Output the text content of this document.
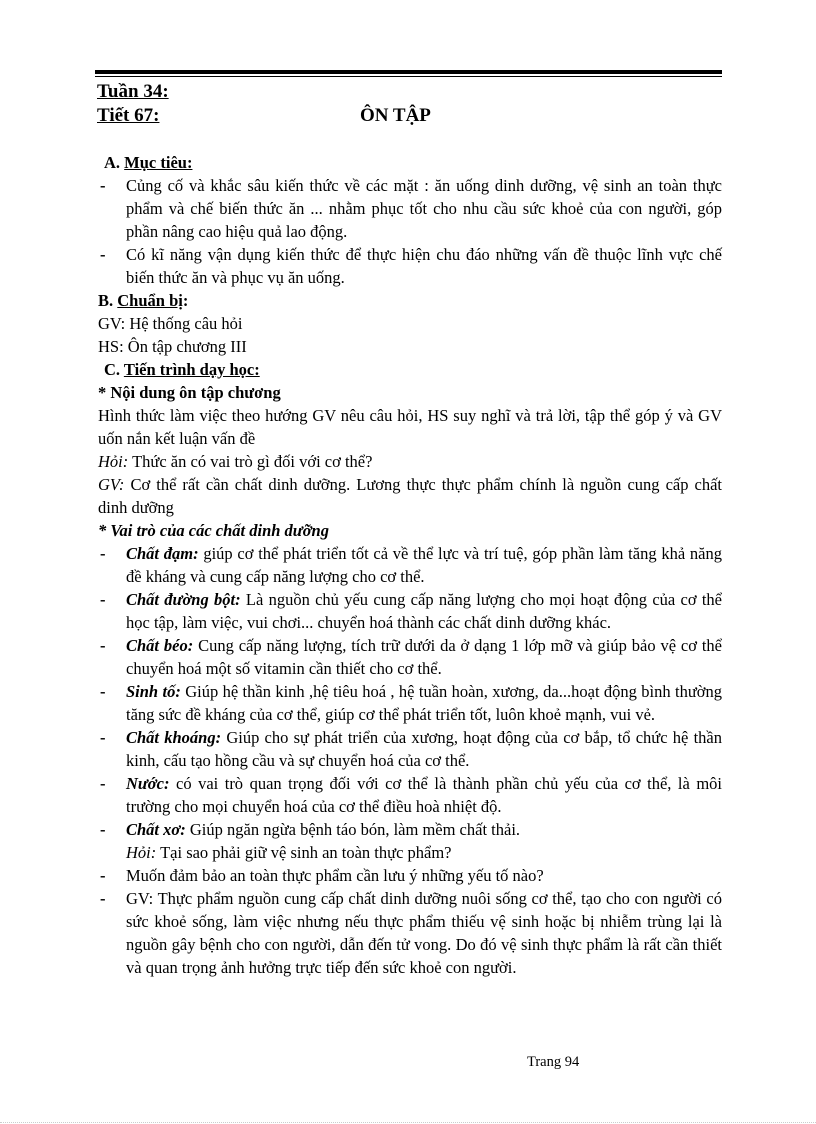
Tuần 34:
Tiết 67:	ÔN TẬP

A. Mục tiêu:

- Củng cố và khắc sâu kiến thức về các mặt : ăn uống dinh dưỡng, vệ sinh an toàn thực phẩm và chế biến thức ăn ... nhằm phục tốt cho nhu cầu sức khoẻ của con người, góp phần nâng cao hiệu quả lao động.

- Có kĩ năng vận dụng kiến thức để thực hiện chu đáo những vấn đề thuộc lĩnh vực chế biến thức ăn và phục vụ ăn uống.

B. Chuẩn bị:

GV: Hệ thống câu hỏi

HS: Ôn tập chương III

C. Tiến trình dạy học:

* Nội dung ôn tập chương

Hình thức làm việc theo hướng GV nêu câu hỏi, HS suy nghĩ và trả lời, tập thể góp ý và GV uốn nắn kết luận vấn đề

Hỏi: Thức ăn có vai trò gì đối với cơ thể?

GV: Cơ thể rất cần chất dinh dưỡng. Lương thực thực phẩm chính là nguồn cung cấp chất dinh dưỡng

* Vai trò của các chất dinh dưỡng

- Chất đạm: giúp cơ thể phát triển tốt cả về thể lực và trí tuệ, góp phần làm tăng khả năng đề kháng và cung cấp năng lượng cho cơ thể.

- Chất đường bột: Là nguồn chủ yếu cung cấp năng lượng cho mọi hoạt động của cơ thể học tập, làm việc, vui chơi... chuyển hoá thành các chất dinh dưỡng khác.

- Chất béo: Cung cấp năng lượng, tích trữ dưới da ở dạng 1 lớp mỡ và giúp bảo vệ cơ thể chuyển hoá một số vitamin cần thiết cho cơ thể.

- Sinh tố: Giúp hệ thần kinh ,hệ tiêu hoá , hệ tuần hoàn, xương, da...hoạt động bình thường tăng sức đề kháng của cơ thể, giúp cơ thể phát triển tốt, luôn khoẻ mạnh, vui vẻ.

- Chất khoáng: Giúp cho sự phát triển của xương, hoạt động của cơ bắp, tổ chức hệ thần kinh, cấu tạo hồng cầu và sự chuyển hoá của cơ thể.

- Nước: có vai trò quan trọng đối với cơ thể là thành phần chủ yếu của cơ thể, là môi trường cho mọi chuyển hoá của cơ thể điều hoà nhiệt độ.

- Chất xơ: Giúp ngăn ngừa bệnh táo bón, làm mềm chất thải.

Hỏi: Tại sao phải giữ vệ sinh an toàn thực phẩm?

- Muốn đảm bảo an toàn thực phẩm cần lưu ý những yếu tố nào?

- GV: Thực phẩm nguồn cung cấp chất dinh dưỡng nuôi sống cơ thể, tạo cho con người có sức khoẻ sống, làm việc nhưng nếu thực phẩm thiếu vệ sinh hoặc bị nhiễm trùng lại là nguồn gây bệnh cho con người, dẫn đến tử vong. Do đó vệ sinh thực phẩm là rất cần thiết và quan trọng ảnh hưởng trực tiếp đến sức khoẻ con người.

Trang 94
